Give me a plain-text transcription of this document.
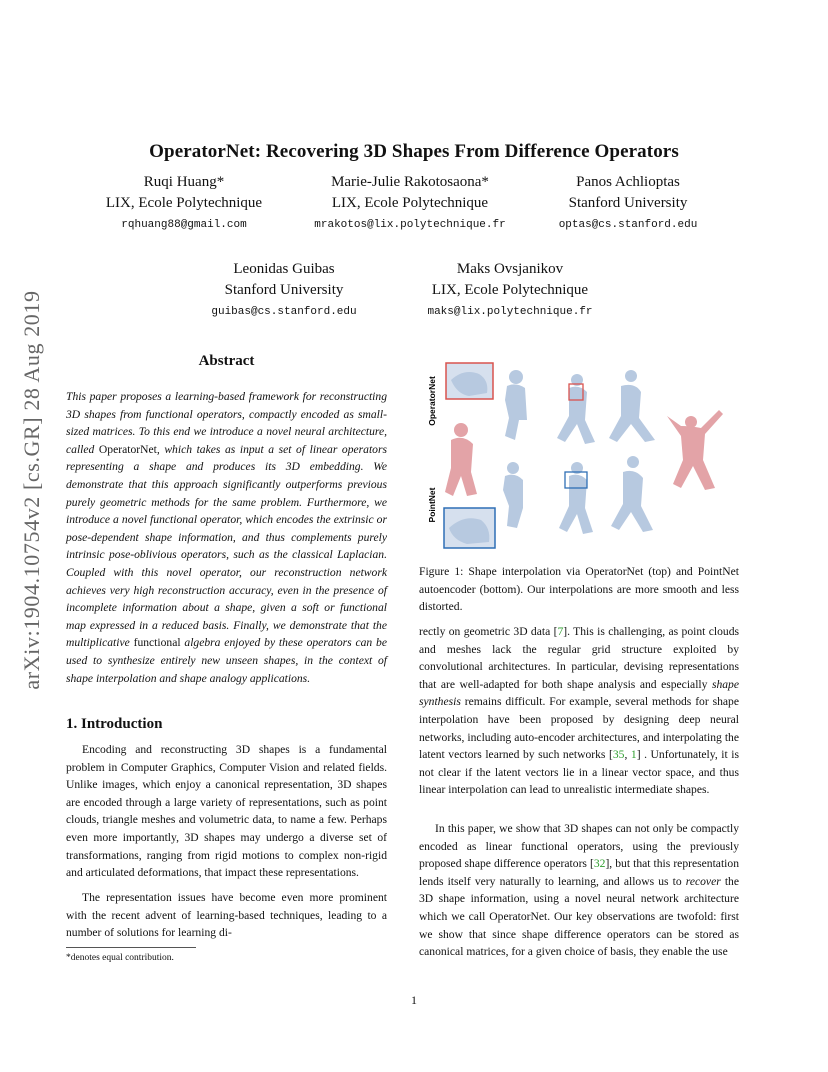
arXiv:1904.10754v2 [cs.GR] 28 Aug 2019
OperatorNet: Recovering 3D Shapes From Difference Operators
Ruqi Huang*
LIX, Ecole Polytechnique
rqhuang88@gmail.com
Marie-Julie Rakotosaona*
LIX, Ecole Polytechnique
mrakotos@lix.polytechnique.fr
Panos Achlioptas
Stanford University
optas@cs.stanford.edu
Leonidas Guibas
Stanford University
guibas@cs.stanford.edu
Maks Ovsjanikov
LIX, Ecole Polytechnique
maks@lix.polytechnique.fr
Abstract
This paper proposes a learning-based framework for reconstructing 3D shapes from functional operators, compactly encoded as small-sized matrices. To this end we introduce a novel neural architecture, called OperatorNet, which takes as input a set of linear operators representing a shape and produces its 3D embedding. We demonstrate that this approach significantly outperforms previous purely geometric methods for the same problem. Furthermore, we introduce a novel functional operator, which encodes the extrinsic or pose-dependent shape information, and thus complements purely intrinsic pose-oblivious operators, such as the classical Laplacian. Coupled with this novel operator, our reconstruction network achieves very high reconstruction accuracy, even in the presence of incomplete information about a shape, given a soft or functional map expressed in a reduced basis. Finally, we demonstrate that the multiplicative functional algebra enjoyed by these operators can be used to synthesize entirely new unseen shapes, in the context of shape interpolation and shape analogy applications.
1. Introduction
Encoding and reconstructing 3D shapes is a fundamental problem in Computer Graphics, Computer Vision and related fields. Unlike images, which enjoy a canonical representation, 3D shapes are encoded through a large variety of representations, such as point clouds, triangle meshes and volumetric data, to name a few. Perhaps even more importantly, 3D shapes may undergo a diverse set of transformations, ranging from rigid motions to complex non-rigid and articulated deformations, that impact these representations.
The representation issues have become even more prominent with the recent advent of learning-based techniques, leading to a number of solutions for learning di-
*denotes equal contribution.
OperatorNet
PointNet
Figure 1: Shape interpolation via OperatorNet (top) and PointNet autoencoder (bottom). Our interpolations are more smooth and less distorted.
rectly on geometric 3D data [7]. This is challenging, as point clouds and meshes lack the regular grid structure exploited by convolutional architectures. In particular, devising representations that are well-adapted for both shape analysis and especially shape synthesis remains difficult. For example, several methods for shape interpolation have been proposed by designing deep neural networks, including auto-encoder architectures, and interpolating the latent vectors learned by such networks [35, 1] . Unfortunately, it is not clear if the latent vectors lie in a linear vector space, and thus linear interpolation can lead to unrealistic intermediate shapes.
In this paper, we show that 3D shapes can not only be compactly encoded as linear functional operators, using the previously proposed shape difference operators [32], but that this representation lends itself very naturally to learning, and allows us to recover the 3D shape information, using a novel neural network architecture which we call OperatorNet. Our key observations are twofold: first we show that since shape difference operators can be stored as canonical matrices, for a given choice of basis, they enable the use
1
